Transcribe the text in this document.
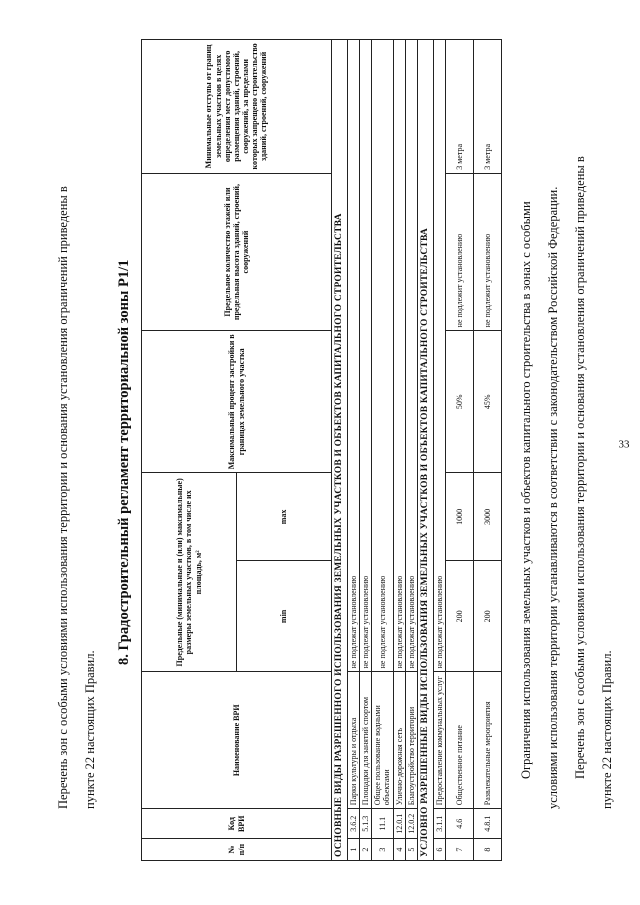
33
Перечень зон с особыми условиями использования территории и основания установления ограничений приведены в	пункте 22 настоящих Правил.
8. Градостроительный регламент территориальной зоны Р1/1
№ п/п	Код ВРИ	Наименование ВРИ	Предельные (минимальные и (или) максимальные) размеры земельных участков, в том числе их площадь, м²		Максимальный процент застройки в границах земельного участка	Предельное количество этажей или предельная высота зданий, строений, сооружений	Минимальные отступы от границ земельных участков в целях определения мест допустимого размещения зданий, строений, сооружений, за пределами которых запрещено строительство зданий, строений, сооружений
			min	max			
ОСНОВНЫЕ ВИДЫ РАЗРЕШЕННОГО ИСПОЛЬЗОВАНИЯ ЗЕМЕЛЬНЫХ УЧАСТКОВ И ОБЪЕКТОВ КАПИТАЛЬНОГО СТРОИТЕЛЬСТВА							
1	3.6.2	Парки культуры и отдыха	не подлежат установлению				
2	5.1.3	Площадки для занятий спортом	не подлежат установлению				
3	11.1	Общее пользование водными объектами	не подлежат установлению				
4	12.0.1	Улично-дорожная сеть	не подлежат установлению				
5	12.0.2	Благоустройство территории	не подлежат установлению				
УСЛОВНО РАЗРЕШЕННЫЕ ВИДЫ ИСПОЛЬЗОВАНИЯ ЗЕМЕЛЬНЫХ УЧАСТКОВ И ОБЪЕКТОВ КАПИТАЛЬНОГО СТРОИТЕЛЬСТВА							
6	3.1.1	Предоставление коммунальных услуг	не подлежат установлению				
7	4.6	Общественное питание	200	1000	50%	не подлежит установлению	3 метра
8	4.8.1	Развлекательные мероприятия	200	3000	45%	не подлежит установлению	3 метра
Ограничения использования земельных участков и объектов капитального строительства в зонах с особыми	условиями использования территории устанавливаются в соответствии с законодательством Российской Федерации.	Перечень зон с особыми условиями использования территории и основания установления ограничений приведены в	пункте 22 настоящих Правил.
